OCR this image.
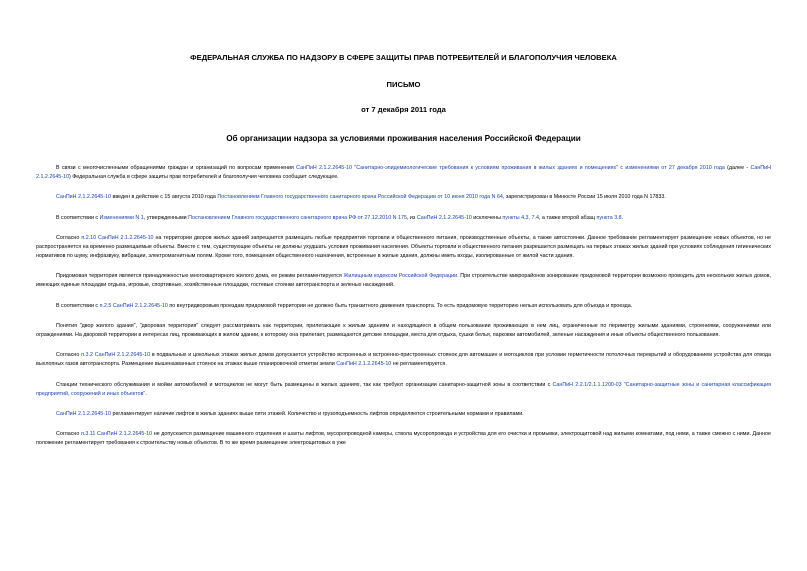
ФЕДЕРАЛЬНАЯ СЛУЖБА ПО НАДЗОРУ В СФЕРЕ ЗАЩИТЫ ПРАВ ПОТРЕБИТЕЛЕЙ И БЛАГОПОЛУЧИЯ ЧЕЛОВЕКА
ПИСЬМО
от 7 декабря 2011 года
Об организации надзора за условиями проживания населения Российской Федерации

В связи с многочисленными обращениями граждан и организаций по вопросам применения СанПиН 2.1.2.2645-10 "Санитарно-эпидемиологические требования к условиям проживания в жилых зданиях и помещениях" с изменениями от 27 декабря 2010 года (далее - СанПиН 2.1.2.2645-10) Федеральная служба в сфере защиты прав потребителей и благополучия человека сообщает следующее.

СанПиН 2.1.2.2645-10 введен в действие с 15 августа 2010 года Постановлением Главного государственного санитарного врача Российской Федерации от 10 июня 2010 года N 64, зарегистрирован в Минюсте России 15 июля 2010 года N 17833.

В соответствии с Изменениями N 1, утвержденными Постановлением Главного государственного санитарного врача РФ от 27.12.2010 N 175, из СанПиН 2.1.2.2645-10 исключены пункты 4.3, 7.4, а также второй абзац пункта 3.8.

Согласно п.2.10 СанПиН 2.1.2.2645-10 на территории дворов жилых зданий запрещается размещать любые предприятия торговли и общественного питания, производственные объекты, а также автостоянки. Данное требование регламентирует размещение новых объектов, но не распространяется на временно размещаемые объекты. Вместе с тем, существующие объекты не должны ухудшать условия проживания населения. Объекты торговли и общественного питания разрешается размещать на первых этажах жилых зданий при условиях соблюдения гигиенических нормативов по шуму, инфразвуку, вибрации, электромагнитным полям. Кроме того, помещения общественного назначения, встроенные в жилые здания, должны иметь входы, изолированные от жилой части здания.

Придомовая территория является принадлежностью многоквартирного жилого дома, ее режим регламентируется Жилищным кодексом Российской Федерации. При строительстве микрорайонов зонирование придомовой территории возможно проводить для нескольких жилых домов, имеющих единые площадки отдыха, игровые, спортивные, хозяйственные площадки, гостевые стоянки автотранспорта и зеленых насаждений.

В соответствии с п.2.5 СанПиН 2.1.2.2645-10 по внутридворовым проездам придомовой территории не должно быть транзитного движения транспорта. То есть придомовую территорию нельзя использовать для объезда и проезда.

Понятия "двор жилого здания", "дворовая территория" следует рассматривать как территории, прилегающие к жилым зданиям и находящиеся в общем пользовании проживающих в нем лиц, ограниченные по периметру жилыми зданиями, строениями, сооружениями или ограждениями. На дворовой территории в интересах лиц, проживающих в жилом здании, к которому она прилегает, размещаются детские площадки, места для отдыха, сушки белья, парковки автомобилей, зеленые насаждения и иные объекты общественного пользования.

Согласно п.3.2 СанПиН 2.1.2.2645-10 в подвальных и цокольных этажах жилых домов допускается устройство встроенных и встроенно-пристроенных стоянок для автомашин и мотоциклов при условии герметичности потолочных перекрытий и оборудованием устройства для отвода выхлопных газов автотранспорта. Размещение вышеназванных стоянок на этажах выше планировочной отметки земли СанПиН 2.1.2.2645-10 не регламентируется.

Станции технического обслуживания и мойки автомобилей и мотоциклов не могут быть размещены в жилых зданиях, так как требуют организации санитарно-защитной зоны в соответствии с СанПиН 2.2.1/2.1.1.1200-03 "Санитарно-защитные зоны и санитарная классификация предприятий, сооружений и иных объектов".

СанПиН 2.1.2.2645-10 регламентирует наличие лифтов в жилых зданиях выше пяти этажей. Количество и грузоподъемность лифтов определяются строительными нормами и правилами.

Согласно п.3.11 СанПиН 2.1.2.2645-10 не допускается размещение машинного отделения и шахты лифтов, мусоропроводной камеры, ствола мусоропровода и устройства для его очистки и промывки, электрощитовой над жилыми комнатами, под ними, а также смежно с ними. Данное положение регламентирует требования к строительству новых объектов. В то же время размещение электрощитовых в уже
